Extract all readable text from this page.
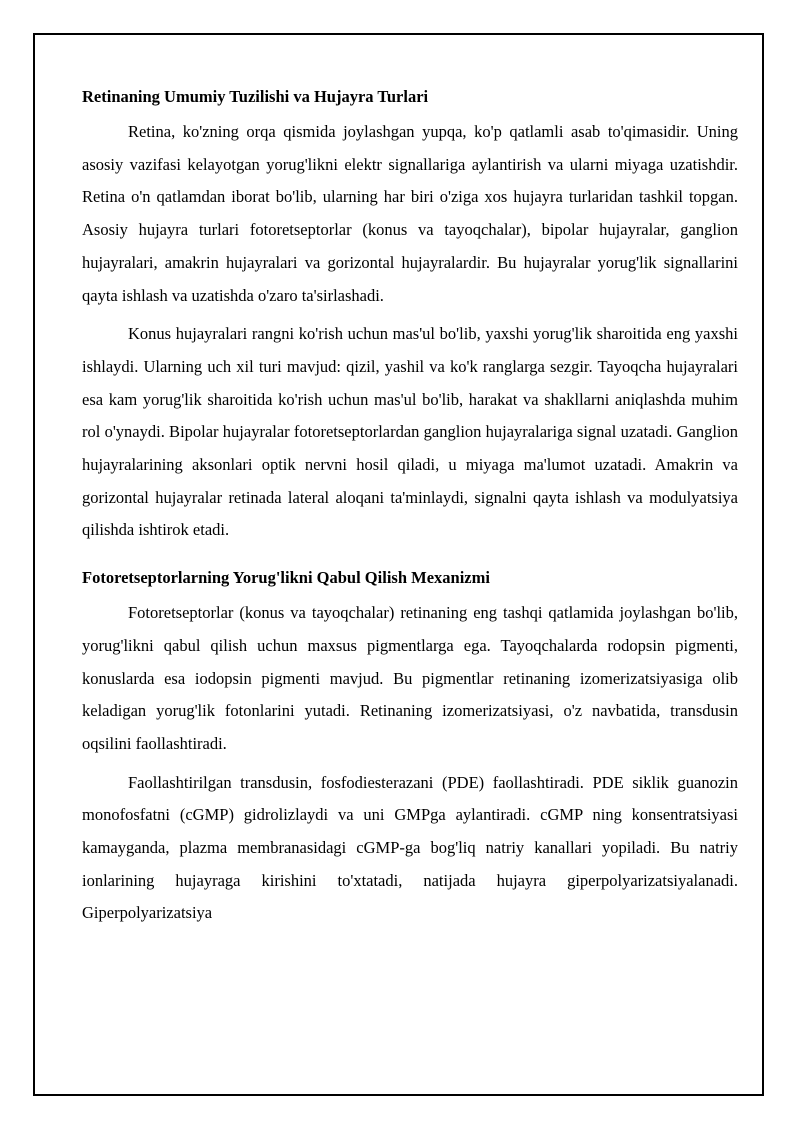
Retinaning Umumiy Tuzilishi va Hujayra Turlari

Retina, ko'zning orqa qismida joylashgan yupqa, ko'p qatlamli asab to'qimasidir. Uning asosiy vazifasi kelayotgan yorug'likni elektr signallariga aylantirish va ularni miyaga uzatishdir. Retina o'n qatlamdan iborat bo'lib, ularning har biri o'ziga xos hujayra turlaridan tashkil topgan. Asosiy hujayra turlari fotoretseptorlar (konus va tayoqchalar), bipolar hujayralar, ganglion hujayralari, amakrin hujayralari va gorizontal hujayralardir. Bu hujayralar yorug'lik signallarini qayta ishlash va uzatishda o'zaro ta'sirlashadi.

Konus hujayralari rangni ko'rish uchun mas'ul bo'lib, yaxshi yorug'lik sharoitida eng yaxshi ishlaydi. Ularning uch xil turi mavjud: qizil, yashil va ko'k ranglarga sezgir. Tayoqcha hujayralari esa kam yorug'lik sharoitida ko'rish uchun mas'ul bo'lib, harakat va shakllarni aniqlashda muhim rol o'ynaydi. Bipolar hujayralar fotoretseptorlardan ganglion hujayralariga signal uzatadi. Ganglion hujayralarining aksonlari optik nervni hosil qiladi, u miyaga ma'lumot uzatadi. Amakrin va gorizontal hujayralar retinada lateral aloqani ta'minlaydi, signalni qayta ishlash va modulyatsiya qilishda ishtirok etadi.

Fotoretseptorlarning Yorug'likni Qabul Qilish Mexanizmi

Fotoretseptorlar (konus va tayoqchalar) retinaning eng tashqi qatlamida joylashgan bo'lib, yorug'likni qabul qilish uchun maxsus pigmentlarga ega. Tayoqchalarda rodopsin pigmenti, konuslarda esa iodopsin pigmenti mavjud. Bu pigmentlar retinaning izomerizatsiyasiga olib keladigan yorug'lik fotonlarini yutadi. Retinaning izomerizatsiyasi, o'z navbatida, transdusin oqsilini faollashtiradi.

Faollashtirilgan transdusin, fosfodiesterazani (PDE) faollashtiradi. PDE siklik guanozin monofosfatni (cGMP) gidrolizlaydi va uni GMPga aylantiradi. cGMP ning konsentratsiyasi kamayganda, plazma membranasidagi cGMP-ga bog'liq natriy kanallari yopiladi. Bu natriy ionlarining hujayraga kirishini to'xtatadi, natijada hujayra giperpolyarizatsiyalanadi. Giperpolyarizatsiya
